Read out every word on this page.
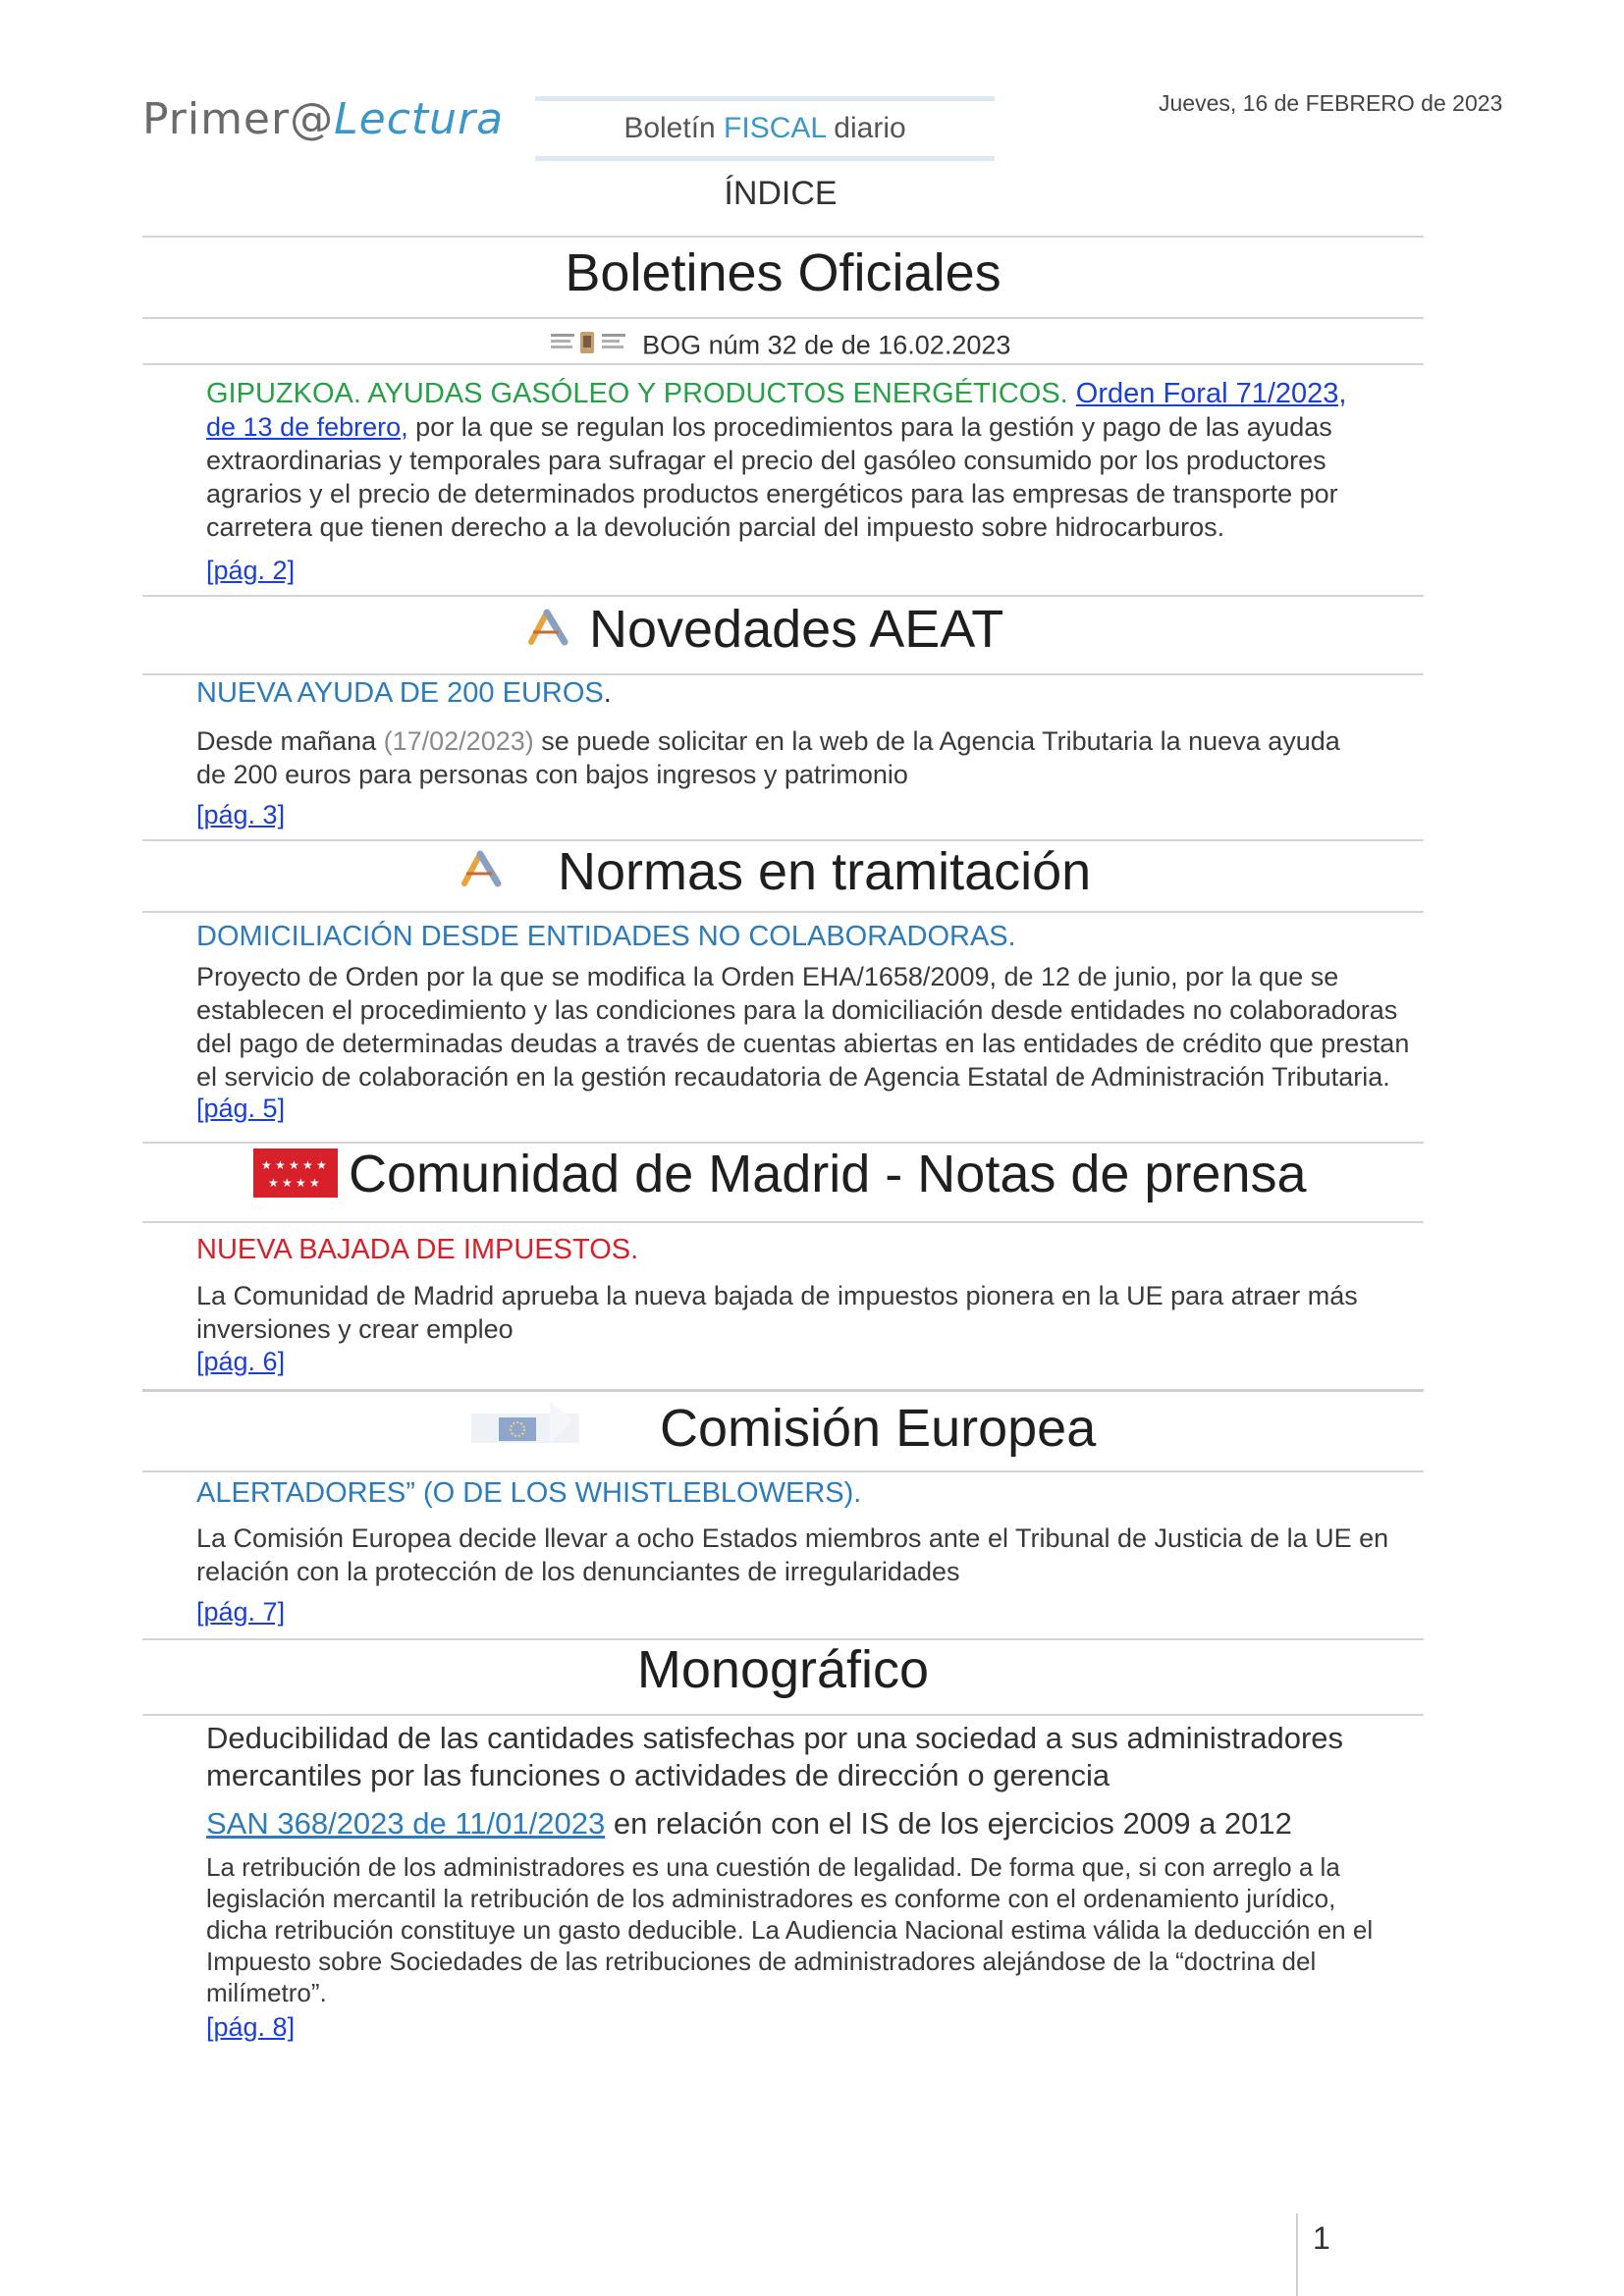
Primer@Lectura	Boletín FISCAL diario
Jueves, 16 de FEBRERO de 2023
ÍNDICE
Boletines Oficiales
BOG núm 32 de de 16.02.2023
GIPUZKOA. AYUDAS GASÓLEO Y PRODUCTOS ENERGÉTICOS. Orden Foral 71/2023,
de 13 de febrero, por la que se regulan los procedimientos para la gestión y pago de las ayudas
extraordinarias y temporales para sufragar el precio del gasóleo consumido por los productores
agrarios y el precio de determinados productos energéticos para las empresas de transporte por
carretera que tienen derecho a la devolución parcial del impuesto sobre hidrocarburos.
[pág. 2]
Novedades AEAT
NUEVA AYUDA DE 200 EUROS.
Desde mañana (17/02/2023) se puede solicitar en la web de la Agencia Tributaria la nueva ayuda
de 200 euros para personas con bajos ingresos y patrimonio
[pág. 3]
Normas en tramitación
DOMICILIACIÓN DESDE ENTIDADES NO COLABORADORAS.
Proyecto de Orden por la que se modifica la Orden EHA/1658/2009, de 12 de junio, por la que se
establecen el procedimiento y las condiciones para la domiciliación desde entidades no colaboradoras
del pago de determinadas deudas a través de cuentas abiertas en las entidades de crédito que prestan
el servicio de colaboración en la gestión recaudatoria de Agencia Estatal de Administración Tributaria.
[pág. 5]
★ ★ ★ ★ ★
★ ★ ★ ★ Comunidad de Madrid - Notas de prensa
NUEVA BAJADA DE IMPUESTOS.
La Comunidad de Madrid aprueba la nueva bajada de impuestos pionera en la UE para atraer más
inversiones y crear empleo
[pág. 6]
Comisión Europea
ALERTADORES” (O DE LOS WHISTLEBLOWERS).
La Comisión Europea decide llevar a ocho Estados miembros ante el Tribunal de Justicia de la UE en
relación con la protección de los denunciantes de irregularidades
[pág. 7]
Monográfico
Deducibilidad de las cantidades satisfechas por una sociedad a sus administradores
mercantiles por las funciones o actividades de dirección o gerencia
SAN 368/2023 de 11/01/2023 en relación con el IS de los ejercicios 2009 a 2012
La retribución de los administradores es una cuestión de legalidad. De forma que, si con arreglo a la
legislación mercantil la retribución de los administradores es conforme con el ordenamiento jurídico,
dicha retribución constituye un gasto deducible. La Audiencia Nacional estima válida la deducción en el
Impuesto sobre Sociedades de las retribuciones de administradores alejándose de la “doctrina del
milímetro”.
[pág. 8]
1
